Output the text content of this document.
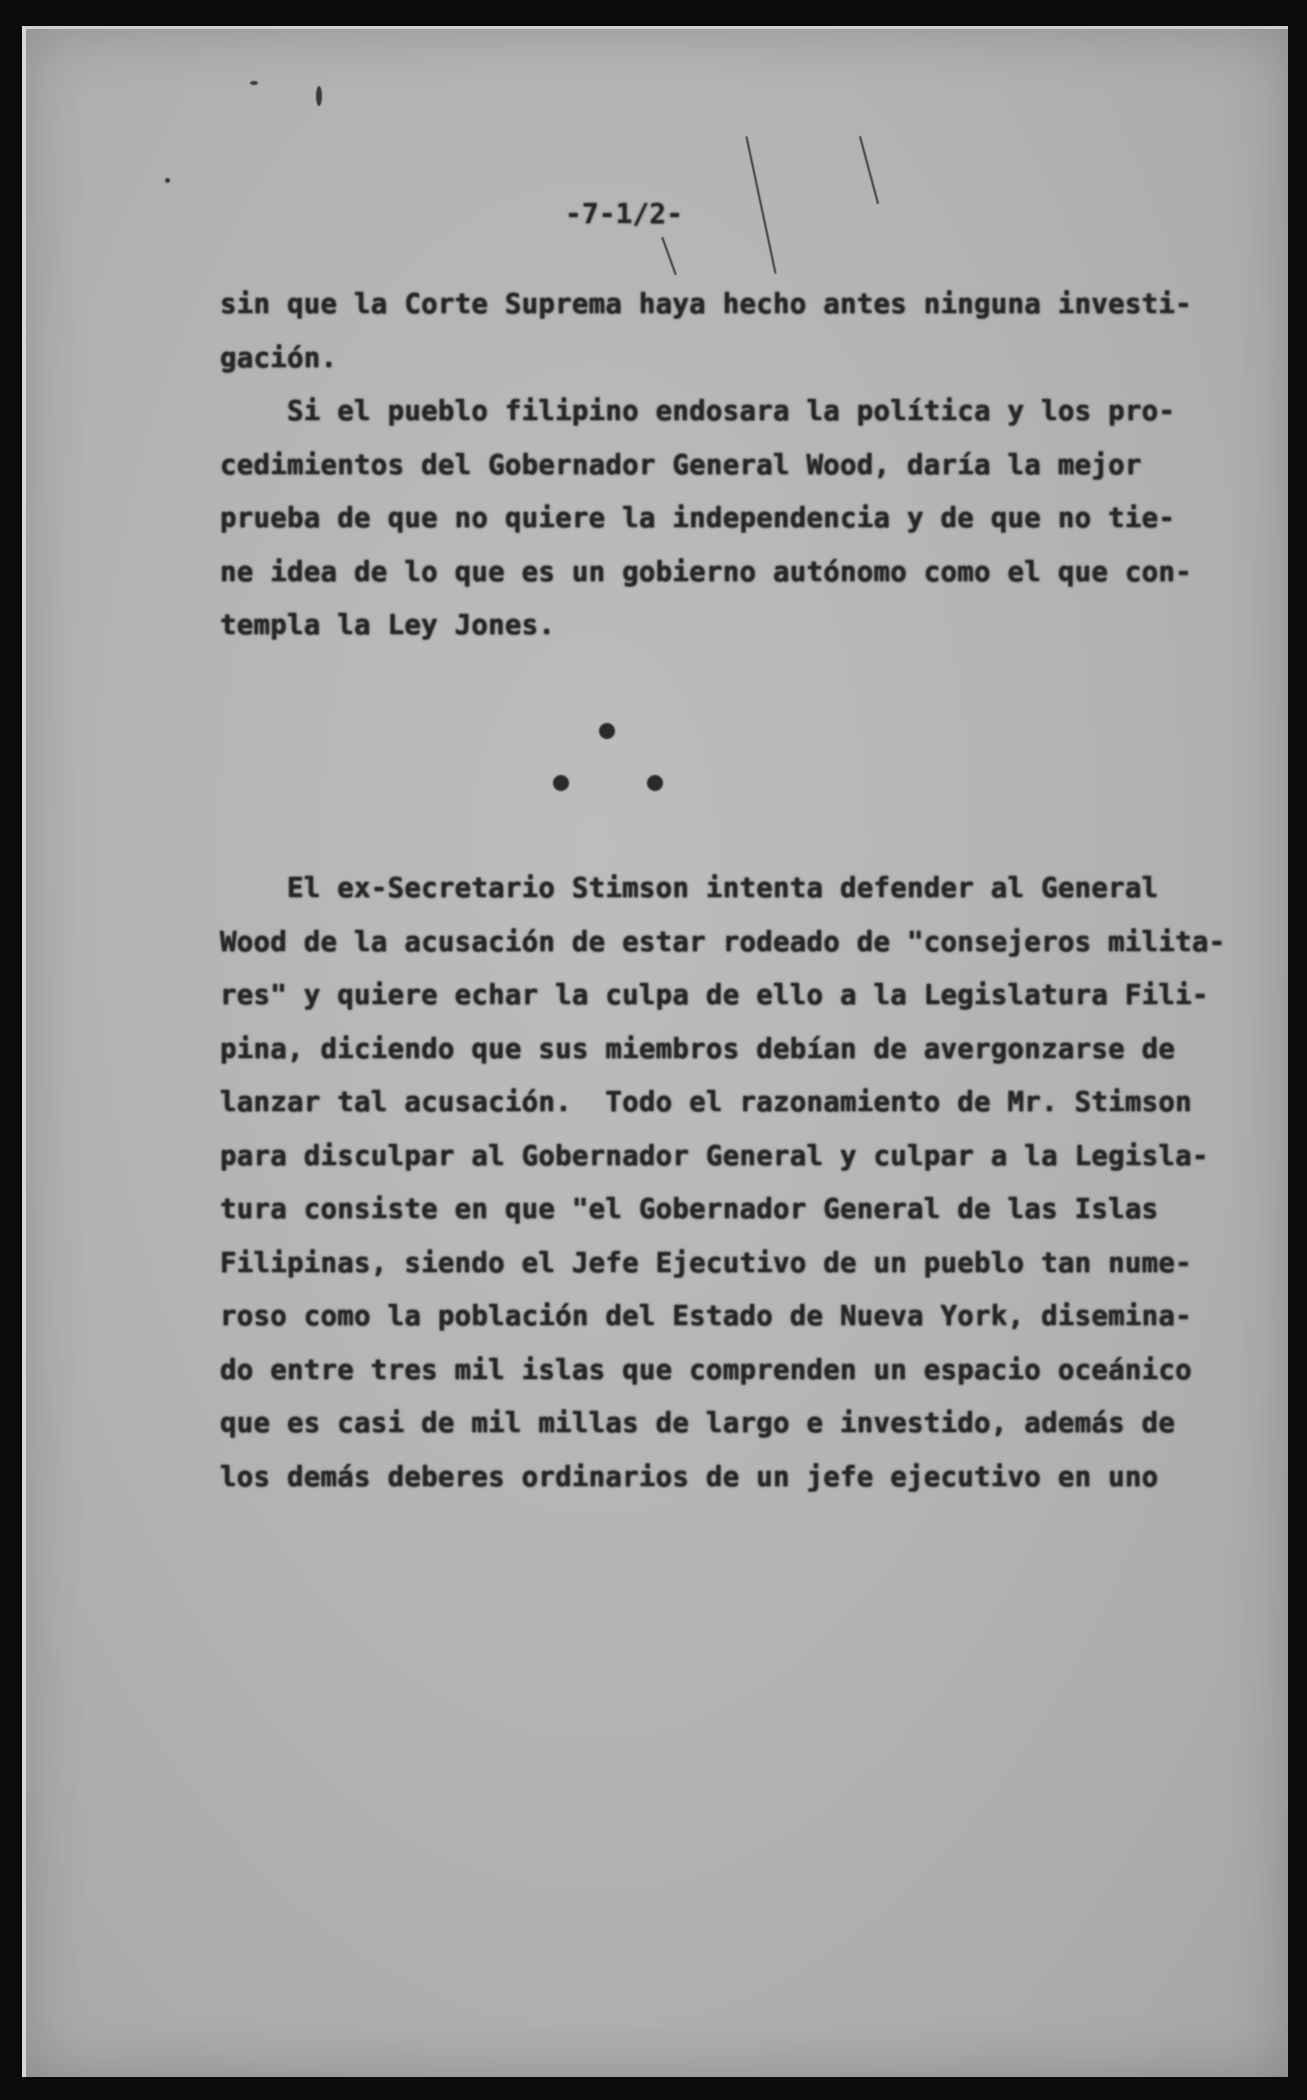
-7-1/2-
sin que la Corte Suprema haya hecho antes ninguna investi-
gación.
Si el pueblo filipino endosara la política y los pro-
cedimientos del Gobernador General Wood, daría la mejor
prueba de que no quiere la independencia y de que no tie-
ne idea de lo que es un gobierno autónomo como el que con-
templa la Ley Jones.
El ex-Secretario Stimson intenta defender al General
Wood de la acusación de estar rodeado de "consejeros milita-
res" y quiere echar la culpa de ello a la Legislatura Fili-
pina, diciendo que sus miembros debían de avergonzarse de
lanzar tal acusación.  Todo el razonamiento de Mr. Stimson
para disculpar al Gobernador General y culpar a la Legisla-
tura consiste en que "el Gobernador General de las Islas
Filipinas, siendo el Jefe Ejecutivo de un pueblo tan nume-
roso como la población del Estado de Nueva York, disemina-
do entre tres mil islas que comprenden un espacio oceánico
que es casi de mil millas de largo e investido, además de
los demás deberes ordinarios de un jefe ejecutivo en uno
